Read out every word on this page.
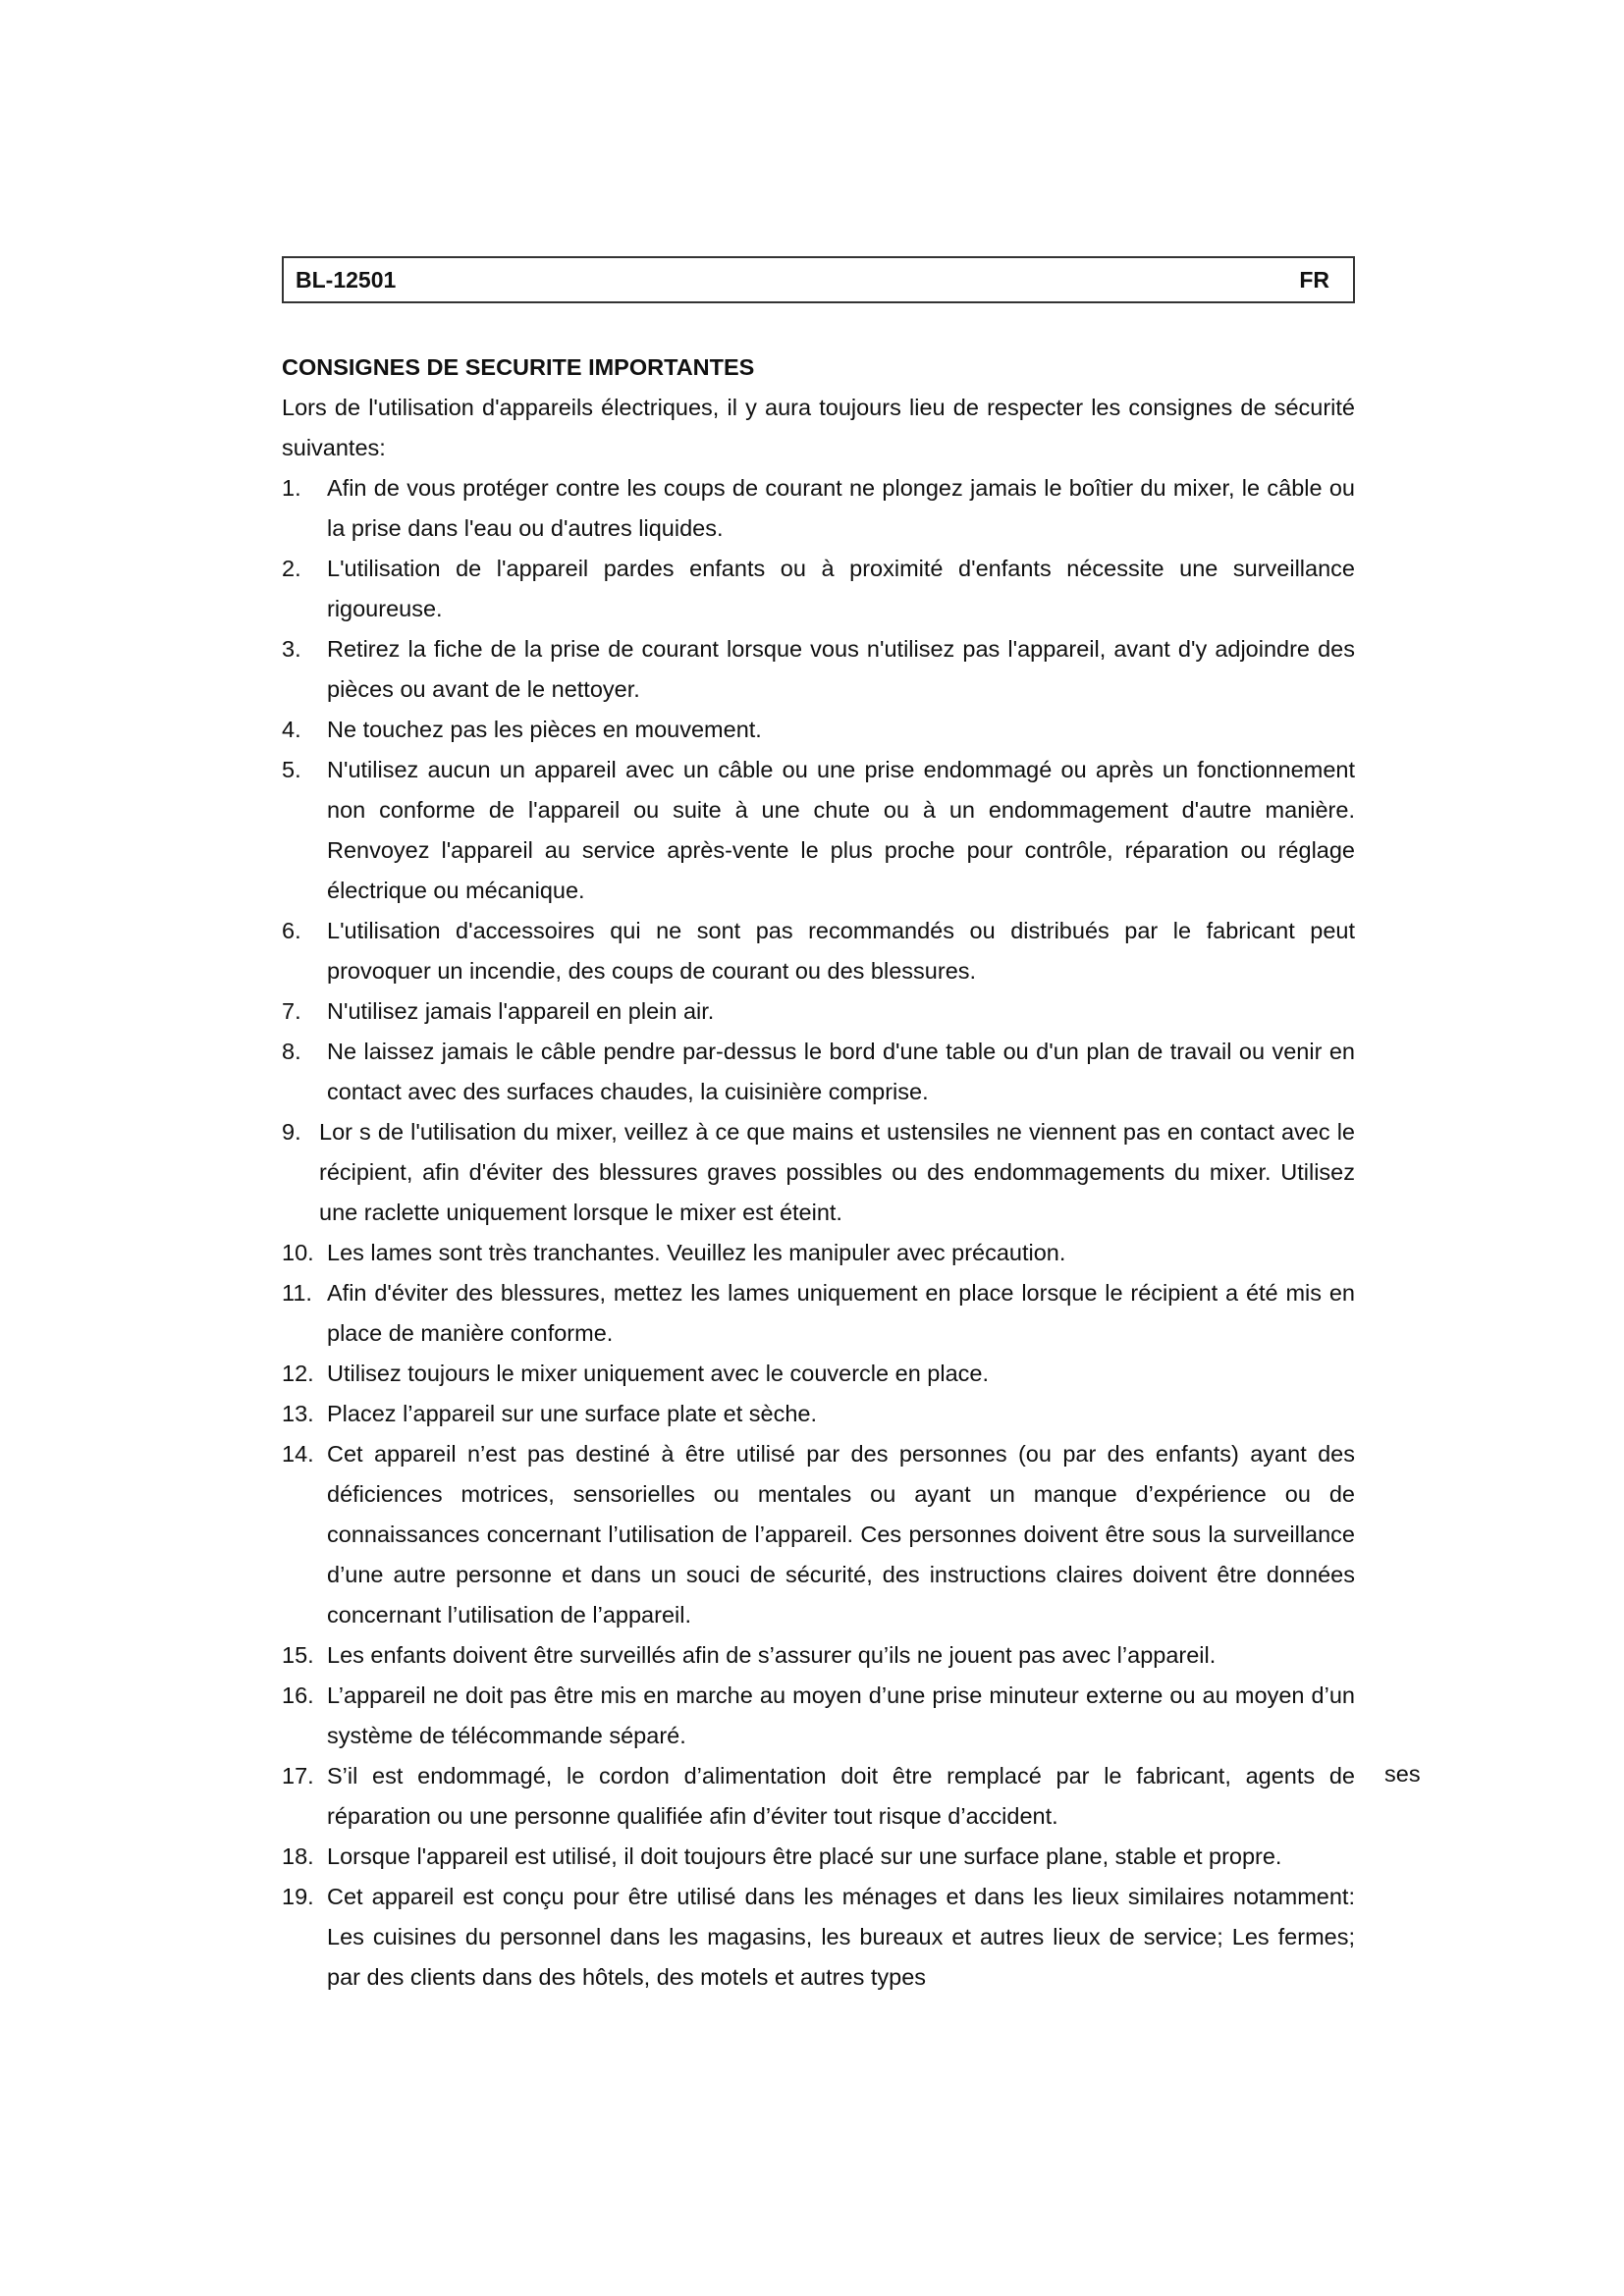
BL-12501	FR

CONSIGNES DE SECURITE IMPORTANTES

Lors de l'utilisation d'appareils électriques, il y aura toujours lieu de respecter les consignes de sécurité suivantes:

1.	Afin de vous protéger contre les coups de courant ne plongez jamais le boîtier du mixer, le câble ou la prise dans l'eau ou d'autres liquides.
2.	L'utilisation de l'appareil pardes enfants ou à proximité d'enfants nécessite une surveillance rigoureuse.
3.	Retirez la fiche de la prise de courant lorsque vous n'utilisez pas l'appareil, avant d'y adjoindre des pièces ou avant de le nettoyer.
4.	Ne touchez pas les pièces en mouvement.
5.	N'utilisez aucun un appareil avec un câble ou une prise endommagé ou après un fonctionnement non conforme de l'appareil ou suite à une chute ou à un endommagement d'autre manière. Renvoyez l'appareil au service après-vente le plus proche pour contrôle, réparation ou réglage électrique ou mécanique.
6.	L'utilisation d'accessoires qui ne sont pas recommandés ou distribués par le fabricant peut provoquer un incendie, des coups de courant ou des blessures.
7.	N'utilisez jamais l'appareil en plein air.
8.	Ne laissez jamais le câble pendre par-dessus le bord d'une table ou d'un plan de travail ou venir en contact avec des surfaces chaudes, la cuisinière comprise.
9. Lor s de l'utilisation du mixer, veillez à ce que mains et ustensiles ne viennent pas en contact avec le récipient, afin d'éviter des blessures graves possibles ou des endommagements du mixer. Utilisez une raclette uniquement lorsque le mixer est éteint.
10. Les lames sont très tranchantes. Veuillez les manipuler avec précaution.
11. Afin d'éviter des blessures, mettez les lames uniquement en place lorsque le récipient a été mis en place de manière conforme.
12. Utilisez toujours le mixer uniquement avec le couvercle en place.
13. Placez l’appareil sur une surface plate et sèche.
14. Cet appareil n’est pas destiné à être utilisé par des personnes (ou par des enfants) ayant des déficiences motrices, sensorielles ou mentales ou ayant un manque d’expérience ou de connaissances concernant l’utilisation de l’appareil. Ces personnes doivent être sous la surveillance d’une autre personne et dans un souci de sécurité, des instructions claires doivent être données concernant l’utilisation de l’appareil.
15. Les enfants doivent être surveillés afin de s’assurer qu’ils ne jouent pas avec l’appareil.
16. L’appareil ne doit pas être mis en marche au moyen d’une prise minuteur externe ou au moyen d’un système de télécommande séparé.
17. S’il est endommagé, le cordon d’alimentation doit être remplacé par le fabricant, agents de réparation ou une personne qualifiée afin d’éviter tout risque d’accident.
18. Lorsque l'appareil est utilisé, il doit toujours être placé sur une surface plane, stable et propre.
19. Cet appareil est conçu pour être utilisé dans les ménages et dans les lieux similaires notamment: Les cuisines du personnel dans les magasins, les bureaux et autres lieux de service; Les fermes; par des clients dans des hôtels, des motels et autres types
ses
